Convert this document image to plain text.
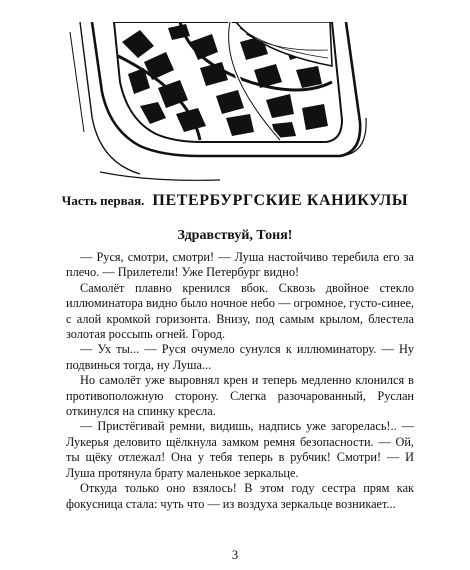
Часть первая. ПЕТЕРБУРГСКИЕ КАНИКУЛЫ
Здравствуй, Тоня!

— Руся, смотри, смотри! — Луша настойчиво теребила его за плечо. — Прилетели! Уже Петербург видно!

Самолёт плавно кренился вбок. Сквозь двойное стекло иллюминатора видно было ночное небо — огромное, густо-синее, с алой кромкой горизонта. Внизу, под самым крылом, блестела золотая россыпь огней. Город.

— Ух ты... — Руся очумело сунулся к иллюминатору. — Ну подвинься тогда, ну Луша...

Но самолёт уже выровнял крен и теперь медленно клонился в противоположную сторону. Слегка разочарованный, Руслан откинулся на спинку кресла.

— Пристёгивай ремни, видишь, надпись уже загорелась!.. — Лукерья деловито щёлкнула замком ремня безопасности. — Ой, ты щёку отлежал! Она у тебя теперь в рубчик! Смотри! — И Луша протянула брату маленькое зеркальце.

Откуда только оно взялось! В этом году сестра прям как фокусница стала: чуть что — из воздуха зеркальце возникает...

3
